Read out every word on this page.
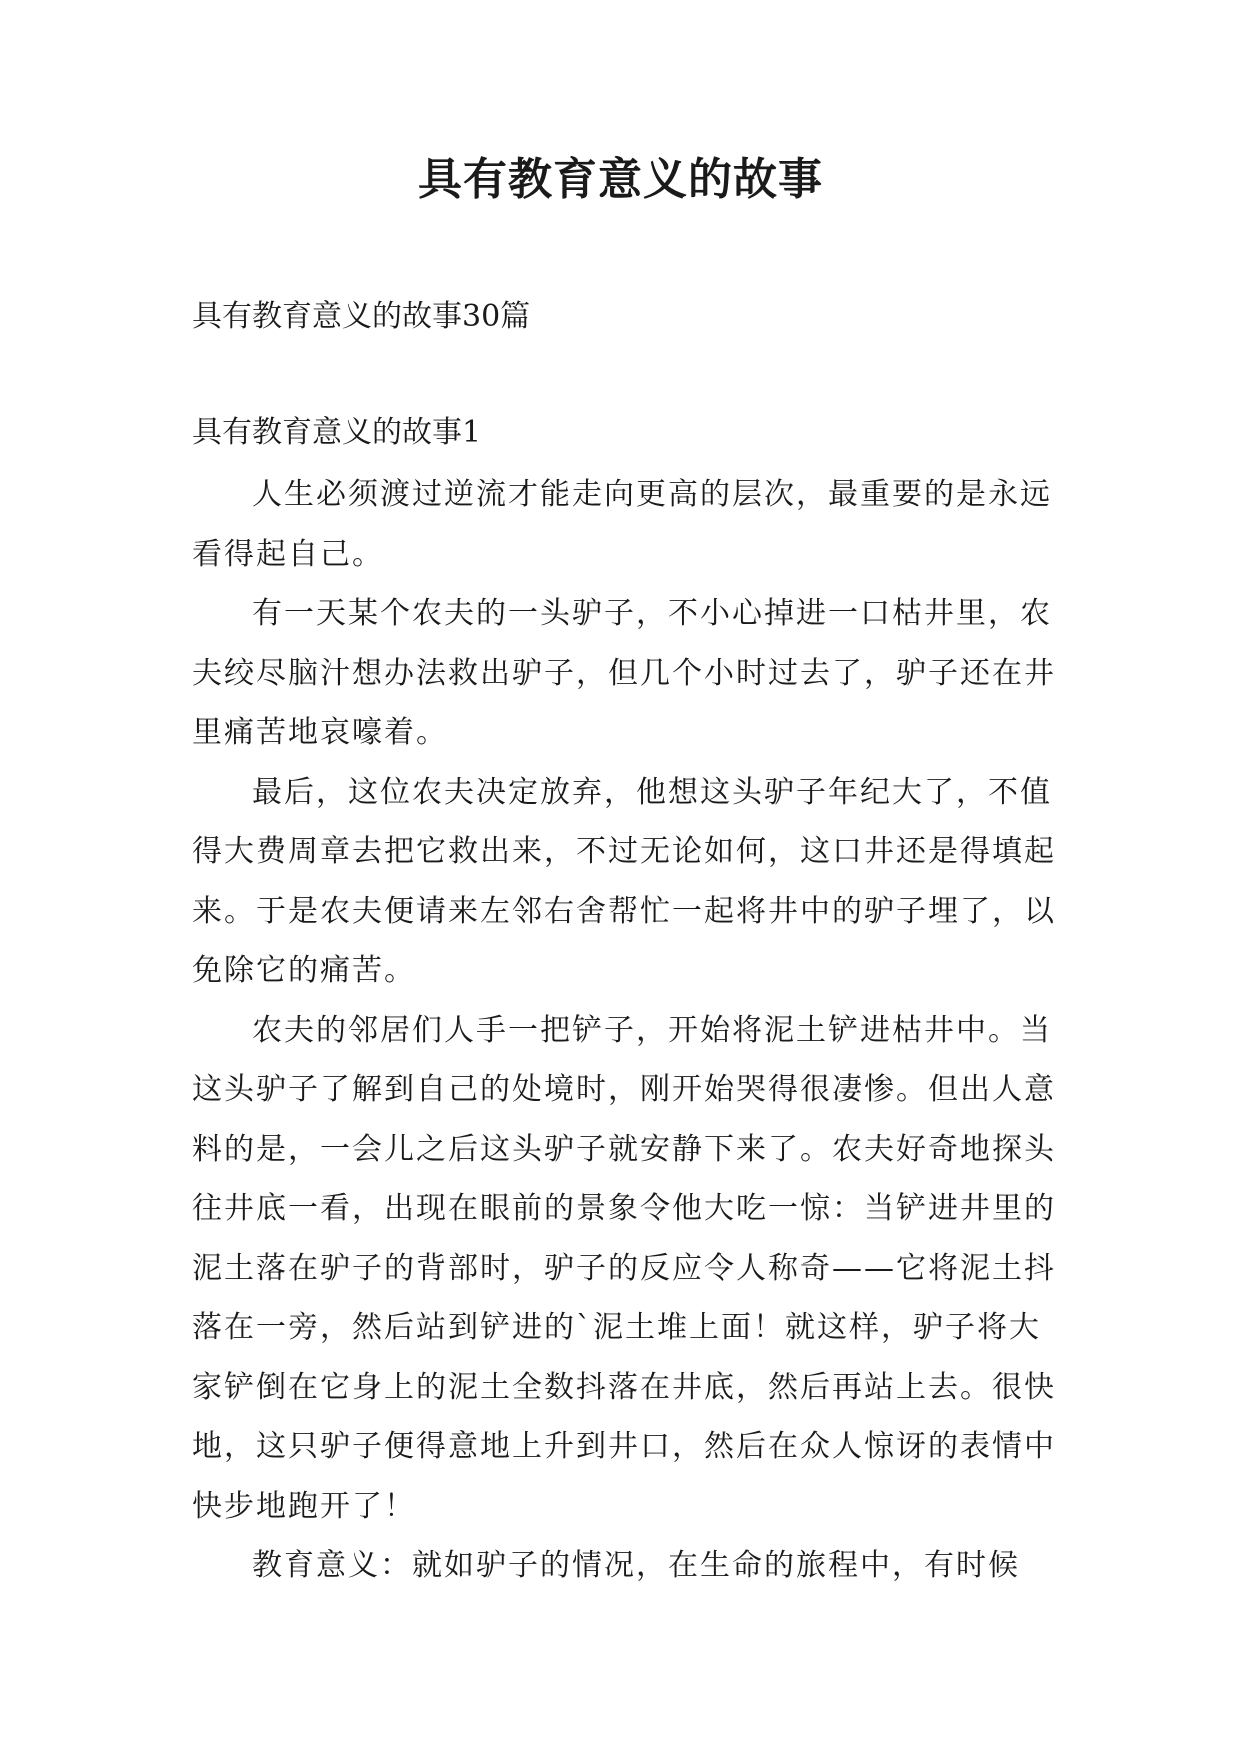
具有教育意义的故事
具有教育意义的故事30篇
具有教育意义的故事1

人生必须渡过逆流才能走向更高的层次，最重要的是永远看得起自己。

有一天某个农夫的一头驴子，不小心掉进一口枯井里，农夫绞尽脑汁想办法救出驴子，但几个小时过去了，驴子还在井里痛苦地哀嚎着。

最后，这位农夫决定放弃，他想这头驴子年纪大了，不值得大费周章去把它救出来，不过无论如何，这口井还是得填起来。于是农夫便请来左邻右舍帮忙一起将井中的驴子埋了，以免除它的痛苦。

农夫的邻居们人手一把铲子，开始将泥土铲进枯井中。当这头驴子了解到自己的处境时，刚开始哭得很凄惨。但出人意料的是，一会儿之后这头驴子就安静下来了。农夫好奇地探头往井底一看，出现在眼前的景象令他大吃一惊：当铲进井里的泥土落在驴子的背部时，驴子的反应令人称奇——它将泥土抖落在一旁，然后站到铲进的`泥土堆上面！就这样，驴子将大家铲倒在它身上的泥土全数抖落在井底，然后再站上去。很快地，这只驴子便得意地上升到井口，然后在众人惊讶的表情中快步地跑开了！

教育意义：就如驴子的情况，在生命的旅程中，有时候
